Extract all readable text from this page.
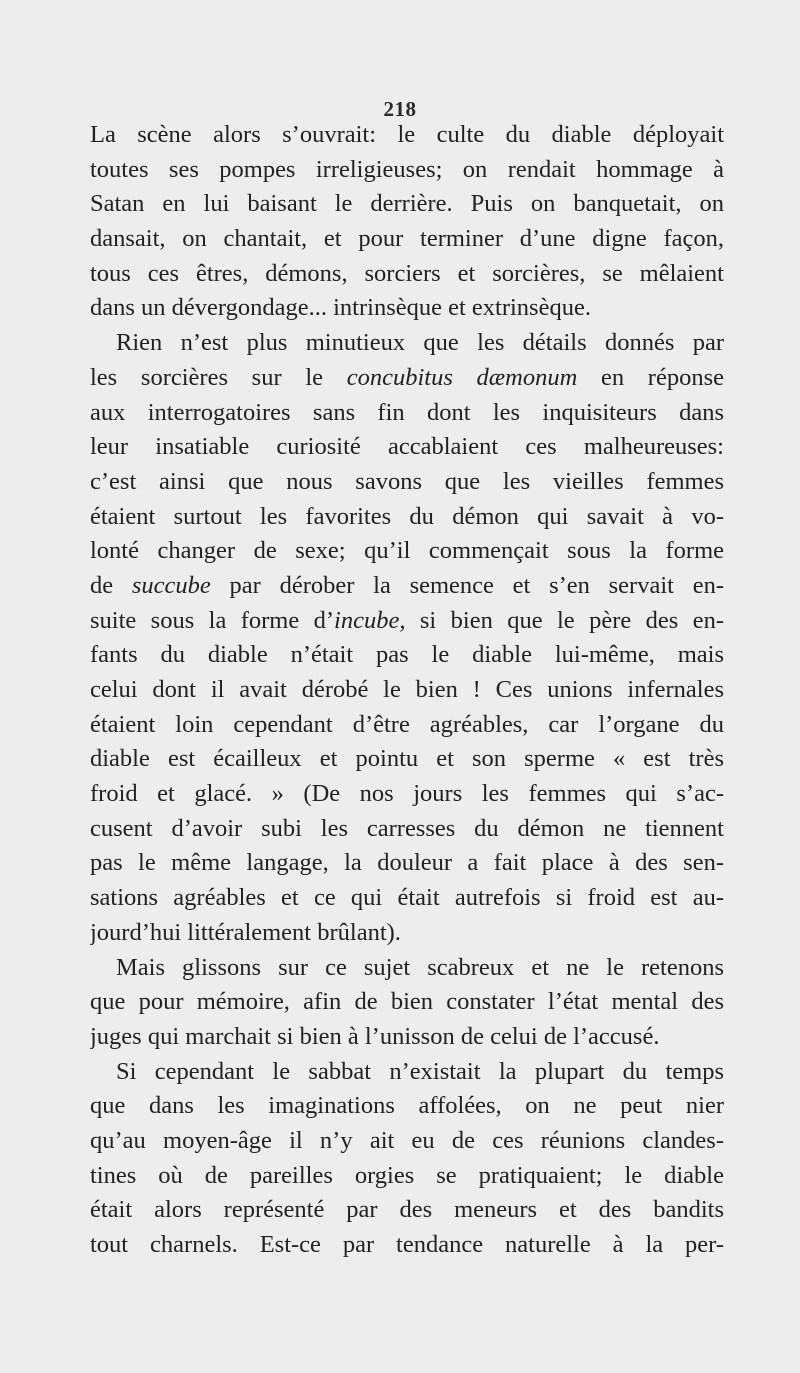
218
La scène alors s’ouvrait: le culte du diable déployait
toutes ses pompes irreligieuses; on rendait hommage à
Satan en lui baisant le derrière. Puis on banquetait, on
dansait, on chantait, et pour terminer d’une digne façon,
tous ces êtres, démons, sorciers et sorcières, se mêlaient
dans un dévergondage... intrinsèque et extrinsèque.
Rien n’est plus minutieux que les détails donnés par
les sorcières sur le concubitus dæmonum en réponse
aux interrogatoires sans fin dont les inquisiteurs dans
leur insatiable curiosité accablaient ces malheureuses:
c’est ainsi que nous savons que les vieilles femmes
étaient surtout les favorites du démon qui savait à vo-
lonté changer de sexe; qu’il commençait sous la forme
de succube par dérober la semence et s’en servait en-
suite sous la forme d’incube, si bien que le père des en-
fants du diable n’était pas le diable lui-même, mais
celui dont il avait dérobé le bien ! Ces unions infernales
étaient loin cependant d’être agréables, car l’organe du
diable est écailleux et pointu et son sperme « est très
froid et glacé. » (De nos jours les femmes qui s’ac-
cusent d’avoir subi les carresses du démon ne tiennent
pas le même langage, la douleur a fait place à des sen-
sations agréables et ce qui était autrefois si froid est au-
jourd’hui littéralement brûlant).
Mais glissons sur ce sujet scabreux et ne le retenons
que pour mémoire, afin de bien constater l’état mental des
juges qui marchait si bien à l’unisson de celui de l’accusé.
Si cependant le sabbat n’existait la plupart du temps
que dans les imaginations affolées, on ne peut nier
qu’au moyen-âge il n’y ait eu de ces réunions clandes-
tines où de pareilles orgies se pratiquaient; le diable
était alors représenté par des meneurs et des bandits
tout charnels. Est-ce par tendance naturelle à la per-
